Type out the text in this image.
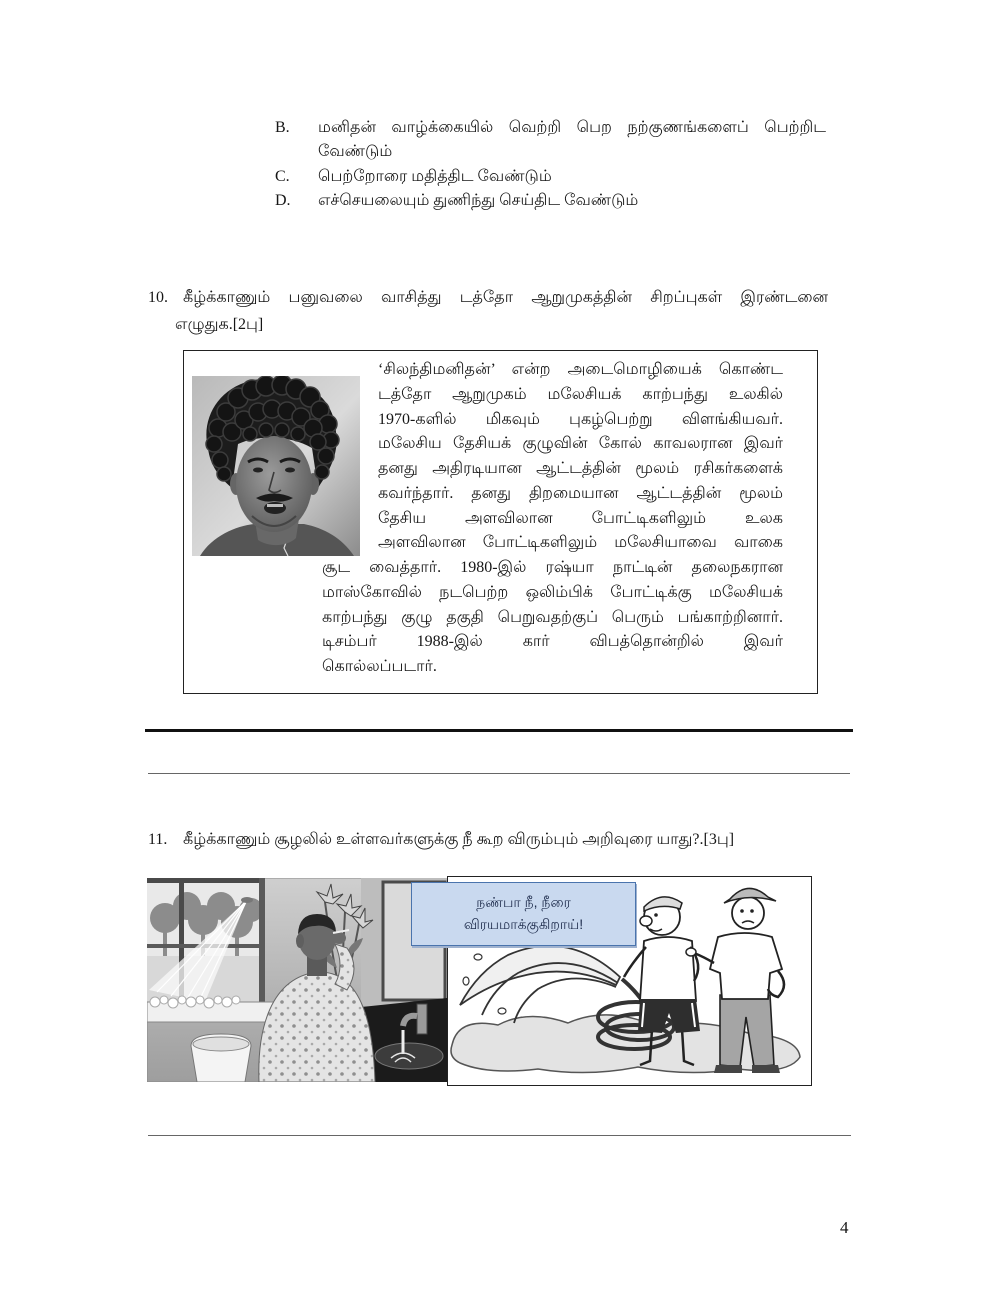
B.	மனிதன் வாழ்க்கையில் வெற்றி பெற நற்குணங்களைப் பெற்றிட
வேண்டும்
C.	பெற்றோரை மதித்திட வேண்டும்
D.	எச்செயலையும் துணிந்து செய்திட வேண்டும்
10. கீழ்க்காணும் பனுவலை வாசித்து டத்தோ ஆறுமுகத்தின் சிறப்புகள் இரண்டனை
எழுதுக.[2பு]
‘சிலந்திமனிதன்’ என்ற அடைமொழியைக் கொண்ட
டத்தோ ஆறுமுகம் மலேசியக் காற்பந்து உலகில்
1970-களில் மிகவும் புகழ்பெற்று விளங்கியவர்.
மலேசிய தேசியக் குழுவின் கோல் காவலரான இவர்
தனது அதிரடியான ஆட்டத்தின் மூலம் ரசிகர்களைக்
கவர்ந்தார். தனது திறமையான ஆட்டத்தின் மூலம்
தேசிய அளவிலான போட்டிகளிலும் உலக
அளவிலான போட்டிகளிலும் மலேசியாவை வாகை
சூட வைத்தார். 1980-இல் ரஷ்யா நாட்டின் தலைநகரான
மாஸ்கோவில் நடபெற்ற ஒலிம்பிக் போட்டிக்கு மலேசியக்
காற்பந்து குழு தகுதி பெறுவதற்குப் பெரும் பங்காற்றினார்.
டிசம்பர் 1988-இல் கார் விபத்தொன்றில் இவர்
கொல்லப்படார்.
11. கீழ்க்காணும் சூழலில் உள்ளவர்களுக்கு நீ கூற விரும்பும் அறிவுரை யாது?.[3பு]
நண்பா நீ, நீரை
விரயமாக்குகிறாய்!
4
